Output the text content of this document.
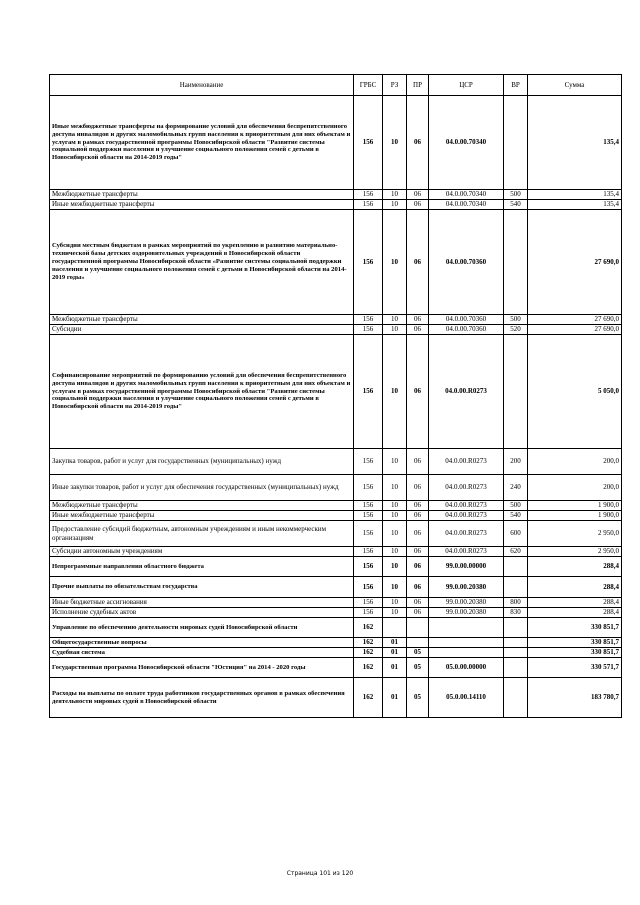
Наименование	ГРБС	РЗ	ПР	ЦСР	ВР	Сумма
Иные межбюджетные трансферты на формирование условий для обеспечения беспрепятственного доступа инвалидов и других маломобильных групп населения к приоритетным для них объектам и услугам в рамках государственной программы Новосибирской области "Развитие системы социальной поддержки населения и улучшение социального положения семей с детьми в Новосибирской области на 2014-2019 годы"	156	10	06	04.0.00.70340		135,4
Межбюджетные трансферты	156	10	06	04.0.00.70340	500	135,4
Иные межбюджетные трансферты	156	10	06	04.0.00.70340	540	135,4
Субсидии местным бюджетам в рамках мероприятий по укреплению и развитию материально-технической базы детских оздоровительных учреждений в Новосибирской области государственной программы Новосибирской области «Развитие системы социальной поддержки населения и улучшение социального положения семей с детьми в Новосибирской области на 2014-2019 годы»	156	10	06	04.0.00.70360		27 690,0
Межбюджетные трансферты	156	10	06	04.0.00.70360	500	27 690,0
Субсидии	156	10	06	04.0.00.70360	520	27 690,0
Софинансирование мероприятий по формированию условий для обеспечения беспрепятственного доступа инвалидов и других маломобильных групп населения к приоритетным для них объектам и услугам в рамках государственной программы Новосибирской области "Развитие системы социальной поддержки населения и улучшение социального положения семей с детьми в Новосибирской области на 2014-2019 годы"	156	10	06	04.0.00.R0273		5 050,0
Закупка товаров, работ и услуг для государственных (муниципальных) нужд	156	10	06	04.0.00.R0273	200	200,0
Иные закупки товаров, работ и услуг для обеспечения государственных (муниципальных) нужд	156	10	06	04.0.00.R0273	240	200,0
Межбюджетные трансферты	156	10	06	04.0.00.R0273	500	1 900,0
Иные межбюджетные трансферты	156	10	06	04.0.00.R0273	540	1 900,0
Предоставление субсидий бюджетным, автономным учреждениям и иным некоммерческим организациям	156	10	06	04.0.00.R0273	600	2 950,0
Субсидии автономным учреждениям	156	10	06	04.0.00.R0273	620	2 950,0
Непрограммные направления областного бюджета	156	10	06	99.0.00.00000		288,4
Прочие выплаты по обязательствам государства	156	10	06	99.0.00.20380		288,4
Иные бюджетные ассигнования	156	10	06	99.0.00.20380	800	288,4
Исполнение судебных актов	156	10	06	99.0.00.20380	830	288,4
Управление по обеспечению деятельности мировых судей Новосибирской области	162					330 851,7
Общегосударственные вопросы	162	01				330 851,7
Судебная система	162	01	05			330 851,7
Государственная программа Новосибирской области "Юстиция" на 2014 - 2020 годы	162	01	05	05.0.00.00000		330 571,7
Расходы на выплаты по оплате труда работников государственных органов в рамках обеспечения деятельности мировых судей в Новосибирской области	162	01	05	05.0.00.14110		183 780,7
Страница 101 из 120
